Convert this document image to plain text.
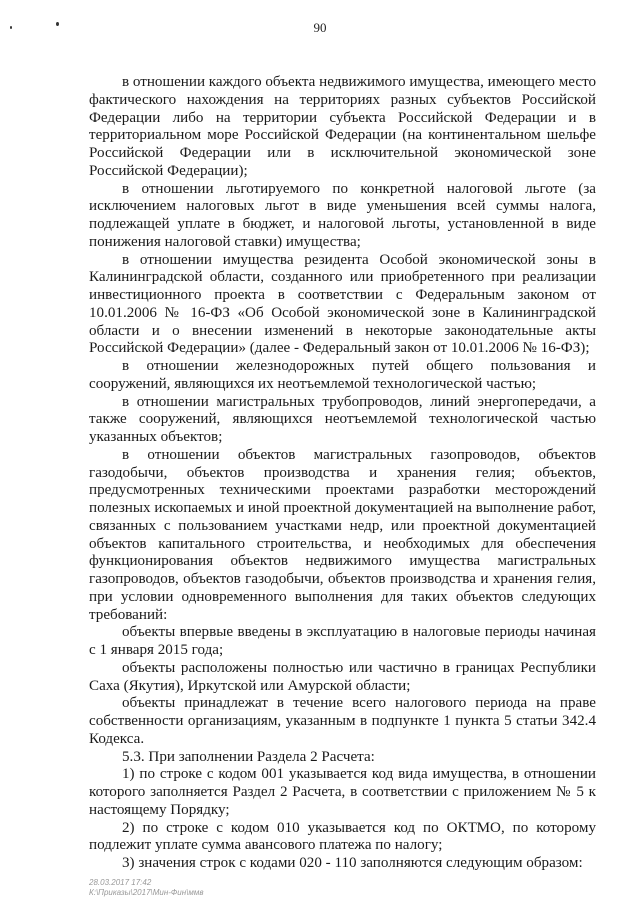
90

в отношении каждого объекта недвижимого имущества, имеющего место фактического нахождения на территориях разных субъектов Российской Федерации либо на территории субъекта Российской Федерации и в территориальном море Российской Федерации (на континентальном шельфе Российской Федерации или в исключительной экономической зоне Российской Федерации);

в отношении льготируемого по конкретной налоговой льготе (за исключением налоговых льгот в виде уменьшения всей суммы налога, подлежащей уплате в бюджет, и налоговой льготы, установленной в виде понижения налоговой ставки) имущества;

в отношении имущества резидента Особой экономической зоны в Калининградской области, созданного или приобретенного при реализации инвестиционного проекта в соответствии с Федеральным законом от 10.01.2006 № 16-ФЗ «Об Особой экономической зоне в Калининградской области и о внесении изменений в некоторые законодательные акты Российской Федерации» (далее - Федеральный закон от 10.01.2006 № 16-ФЗ);

в отношении железнодорожных путей общего пользования и сооружений, являющихся их неотъемлемой технологической частью;

в отношении магистральных трубопроводов, линий энергопередачи, а также сооружений, являющихся неотъемлемой технологической частью указанных объектов;

в отношении объектов магистральных газопроводов, объектов газодобычи, объектов производства и хранения гелия; объектов, предусмотренных техническими проектами разработки месторождений полезных ископаемых и иной проектной документацией на выполнение работ, связанных с пользованием участками недр, или проектной документацией объектов капитального строительства, и необходимых для обеспечения функционирования объектов недвижимого имущества магистральных газопроводов, объектов газодобычи, объектов производства и хранения гелия, при условии одновременного выполнения для таких объектов следующих требований:

объекты впервые введены в эксплуатацию в налоговые периоды начиная с 1 января 2015 года;

объекты расположены полностью или частично в границах Республики Саха (Якутия), Иркутской или Амурской области;

объекты принадлежат в течение всего налогового периода на праве собственности организациям, указанным в подпункте 1 пункта 5 статьи 342.4 Кодекса.

5.3. При заполнении Раздела 2 Расчета:

1) по строке с кодом 001 указывается код вида имущества, в отношении которого заполняется Раздел 2 Расчета, в соответствии с приложением № 5 к настоящему Порядку;

2) по строке с кодом 010 указывается код по ОКТМО, по которому подлежит уплате сумма авансового платежа по налогу;

3) значения строк с кодами 020 - 110 заполняются следующим образом:

28.03.2017 17:42
К:\Приказы\2017\Мин-Фин\ммв
